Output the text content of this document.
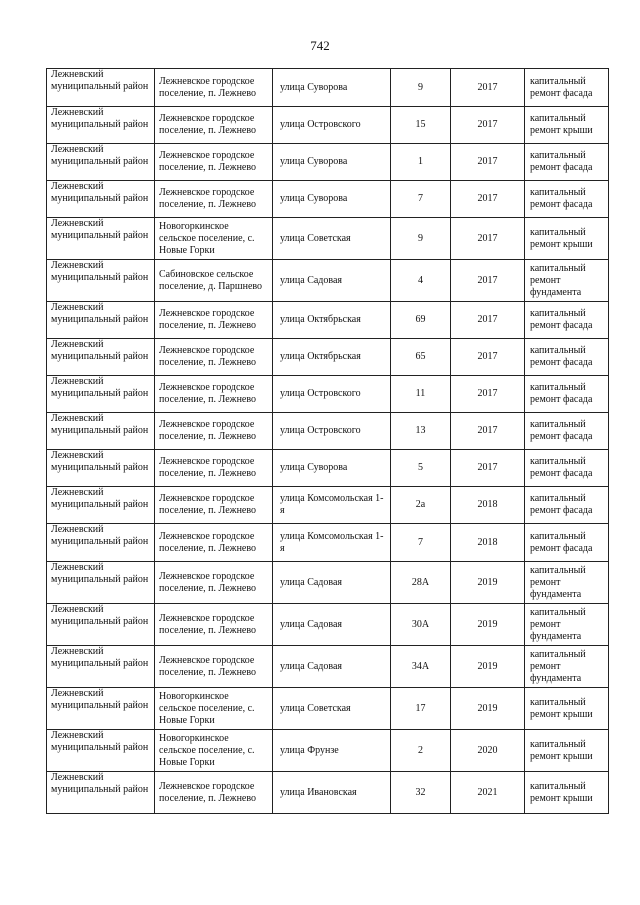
742
Лежневский муниципальный район	Лежневское городское поселение, п. Лежнево	улица Суворова	9	2017	капитальный ремонт фасада
Лежневский муниципальный район	Лежневское городское поселение, п. Лежнево	улица Островского	15	2017	капитальный ремонт крыши
Лежневский муниципальный район	Лежневское городское поселение, п. Лежнево	улица Суворова	1	2017	капитальный ремонт фасада
Лежневский муниципальный район	Лежневское городское поселение, п. Лежнево	улица Суворова	7	2017	капитальный ремонт фасада
Лежневский муниципальный район	Новогоркинское сельское поселение, с. Новые Горки	улица Советская	9	2017	капитальный ремонт крыши
Лежневский муниципальный район	Сабиновское сельское поселение, д. Паршнево	улица Садовая	4	2017	капитальный ремонт фундамента
Лежневский муниципальный район	Лежневское городское поселение, п. Лежнево	улица Октябрьская	69	2017	капитальный ремонт фасада
Лежневский муниципальный район	Лежневское городское поселение, п. Лежнево	улица Октябрьская	65	2017	капитальный ремонт фасада
Лежневский муниципальный район	Лежневское городское поселение, п. Лежнево	улица Островского	11	2017	капитальный ремонт фасада
Лежневский муниципальный район	Лежневское городское поселение, п. Лежнево	улица Островского	13	2017	капитальный ремонт фасада
Лежневский муниципальный район	Лежневское городское поселение, п. Лежнево	улица Суворова	5	2017	капитальный ремонт фасада
Лежневский муниципальный район	Лежневское городское поселение, п. Лежнево	улица Комсомольская 1-я	2а	2018	капитальный ремонт фасада
Лежневский муниципальный район	Лежневское городское поселение, п. Лежнево	улица Комсомольская 1-я	7	2018	капитальный ремонт фасада
Лежневский муниципальный район	Лежневское городское поселение, п. Лежнево	улица Садовая	28А	2019	капитальный ремонт фундамента
Лежневский муниципальный район	Лежневское городское поселение, п. Лежнево	улица Садовая	30А	2019	капитальный ремонт фундамента
Лежневский муниципальный район	Лежневское городское поселение, п. Лежнево	улица Садовая	34А	2019	капитальный ремонт фундамента
Лежневский муниципальный район	Новогоркинское сельское поселение, с. Новые Горки	улица Советская	17	2019	капитальный ремонт крыши
Лежневский муниципальный район	Новогоркинское сельское поселение, с. Новые Горки	улица Фрунзе	2	2020	капитальный ремонт крыши
Лежневский муниципальный район	Лежневское городское поселение, п. Лежнево	улица Ивановская	32	2021	капитальный ремонт крыши
